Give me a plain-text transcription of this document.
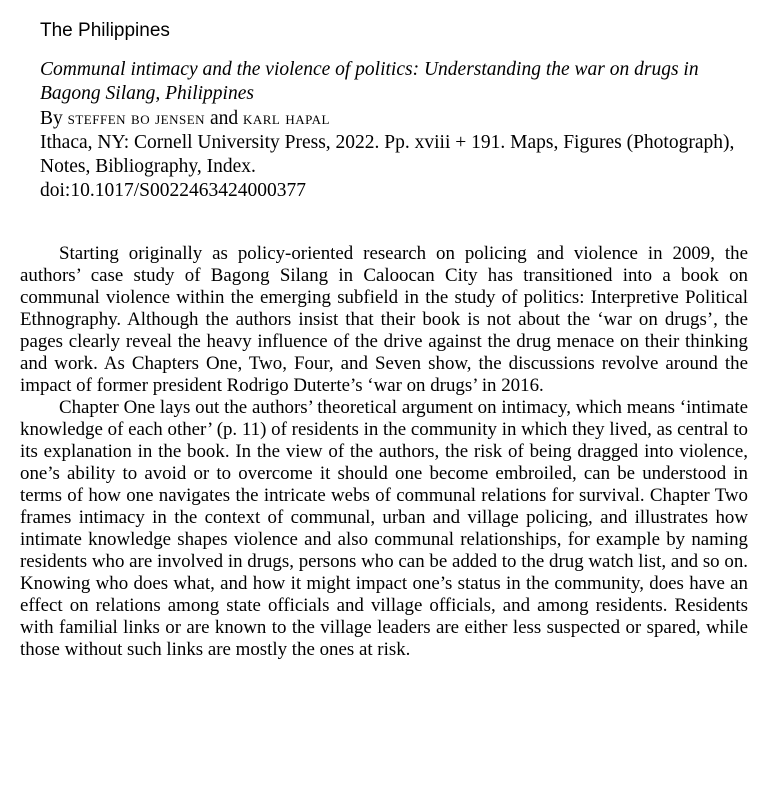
The Philippines

Communal intimacy and the violence of politics: Understanding the war on drugs in Bagong Silang, Philippines

By steffen bo jensen and karl hapal

Ithaca, NY: Cornell University Press, 2022. Pp. xviii + 191. Maps, Figures (Photograph), Notes, Bibliography, Index.

doi:10.1017/S0022463424000377

Starting originally as policy-oriented research on policing and violence in 2009, the authors’ case study of Bagong Silang in Caloocan City has transitioned into a book on communal violence within the emerging subfield in the study of politics: Interpretive Political Ethnography. Although the authors insist that their book is not about the ‘war on drugs’, the pages clearly reveal the heavy influence of the drive against the drug menace on their thinking and work. As Chapters One, Two, Four, and Seven show, the discussions revolve around the impact of former president Rodrigo Duterte’s ‘war on drugs’ in 2016.

Chapter One lays out the authors’ theoretical argument on intimacy, which means ‘intimate knowledge of each other’ (p. 11) of residents in the community in which they lived, as central to its explanation in the book. In the view of the authors, the risk of being dragged into violence, one’s ability to avoid or to overcome it should one become embroiled, can be understood in terms of how one navigates the intricate webs of communal relations for survival. Chapter Two frames intimacy in the context of communal, urban and village policing, and illustrates how intimate knowledge shapes violence and also communal relationships, for example by naming residents who are involved in drugs, persons who can be added to the drug watch list, and so on. Knowing who does what, and how it might impact one’s status in the community, does have an effect on relations among state officials and village officials, and among residents. Residents with familial links or are known to the village leaders are either less suspected or spared, while those without such links are mostly the ones at risk.
